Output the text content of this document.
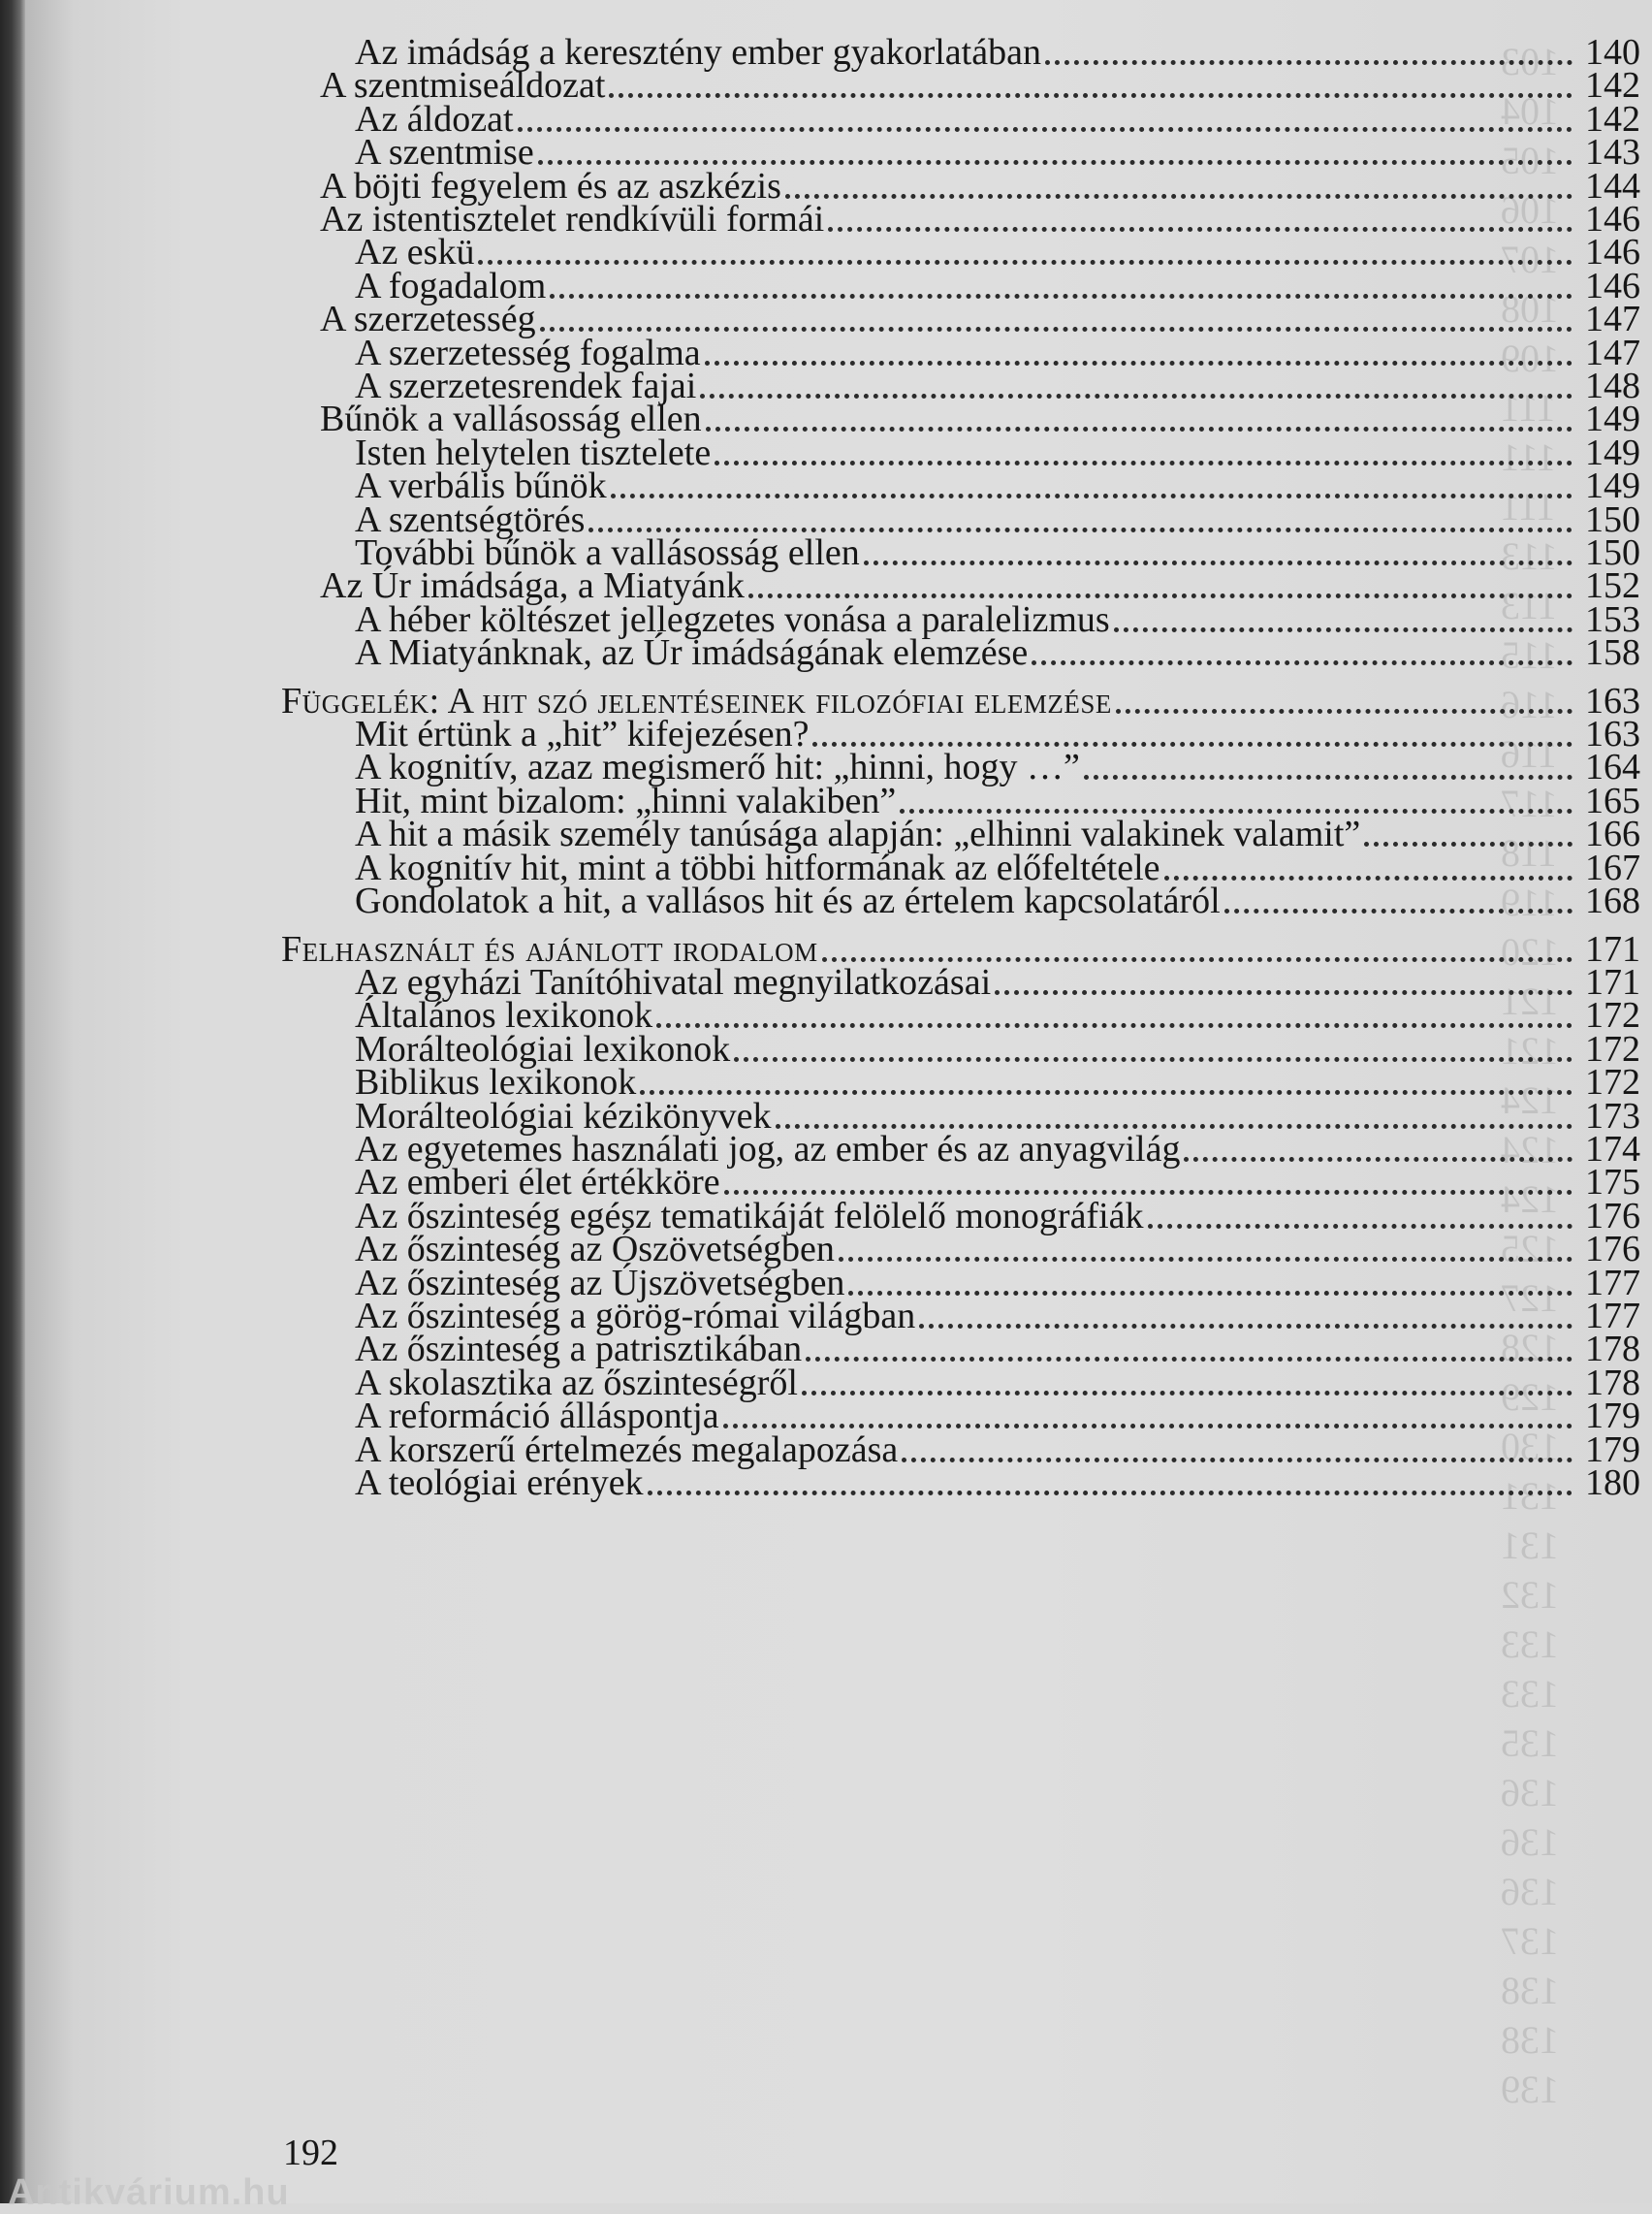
103
104
105
106
107
108
109
111
111
111
113
113
115
116
116
117
118
119
120
121
121
124
124
124
125
127
128
129
130
131
131
132
133
133
135
136
136
136
137
138
138
139
Az imádság a keresztény ember gyakorlatában	140
A szentmiseáldozat	142
Az áldozat	142
A szentmise	143
A böjti fegyelem és az aszkézis	144
Az istentisztelet rendkívüli formái	146
Az eskü	146
A fogadalom	146
A szerzetesség	147
A szerzetesség fogalma	147
A szerzetesrendek fajai	148
Bűnök a vallásosság ellen	149
Isten helytelen tisztelete	149
A verbális bűnök	149
A szentségtörés	150
További bűnök a vallásosság ellen	150
Az Úr imádsága, a Miatyánk	152
A héber költészet jellegzetes vonása a paralelizmus	153
A Miatyánknak, az Úr imádságának elemzése	158
Függelék: A hit szó jelentéseinek filozófiai elemzése	163
Mit értünk a „hit” kifejezésen?	163
A kognitív, azaz megismerő hit: „hinni, hogy …”	164
Hit, mint bizalom: „hinni valakiben”	165
A hit a másik személy tanúsága alapján: „elhinni valakinek valamit”	166
A kognitív hit, mint a többi hitformának az előfeltétele	167
Gondolatok a hit, a vallásos hit és az értelem kapcsolatáról	168
Felhasznált és ajánlott irodalom	171
Az egyházi Tanítóhivatal megnyilatkozásai	171
Általános lexikonok	172
Morálteológiai lexikonok	172
Biblikus lexikonok	172
Morálteológiai kézikönyvek	173
Az egyetemes használati jog, az ember és az anyagvilág	174
Az emberi élet értékköre	175
Az őszinteség egész tematikáját felölelő monográfiák	176
Az őszinteség az Ószövetségben	176
Az őszinteség az Újszövetségben	177
Az őszinteség a görög-római világban	177
Az őszinteség a patrisztikában	178
A skolasztika az őszinteségről	178
A reformáció álláspontja	179
A korszerű értelmezés megalapozása	179
A teológiai erények	180
192
Antikvárium.hu
